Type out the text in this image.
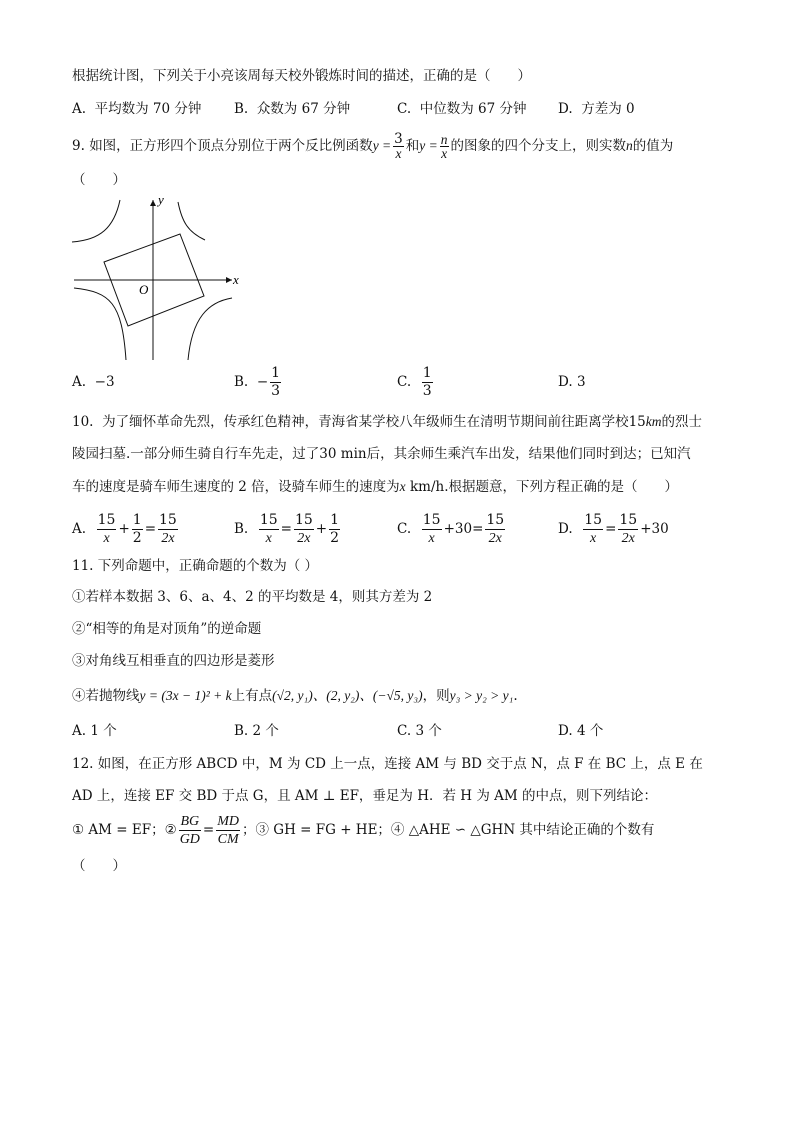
根据统计图，下列关于小亮该周每天校外锻炼时间的描述，正确的是（　　）
A. 平均数为 70 分钟 B. 众数为 67 分钟	C. 中位数为 67 分钟 D. 方差为 0
9. 如图，正方形四个顶点分别位于两个反比例函数$y = \frac{3}{x}$ 和$y = \frac{n}{x}$ 的图象的四个分支上，则实数n的值为
（　　）
y
x
O
A. −3	B. − $\frac{1}{3}$	C. $\frac{1}{3}$	D. 3
10. 为了缅怀革命先烈，传承红色精神，青海省某学校八年级师生在清明节期间前往距离学校15km的烈士
陵园扫墓.一部分师生骑自行车先走，过了30 min后，其余师生乘汽车出发，结果他们同时到达；已知汽
车的速度是骑车师生速度的 2 倍，设骑车师生的速度为x km/h.根据题意，下列方程正确的是（　　）
A. $\frac{15}{x} + \frac{1}{2} = \frac{15}{2x}$	B. $\frac{15}{x} = \frac{15}{2x} + \frac{1}{2}$	C. $\frac{15}{x} +30= \frac{15}{2x}$	D. $\frac{15}{x} = \frac{15}{2x} +30$
11. 下列命题中，正确命题的个数为（ ）
①若样本数据 3、6、a、4、2 的平均数是 4，则其方差为 2
②“相等的角是对顶角”的逆命题
③对角线互相垂直的四边形是菱形
④若抛物线y = (3x − 1)² + k上有点(√2, y₁)、(2, y₂)、(−√5, y₃)，则y₃ > y₂ > y₁.
A. 1 个	B. 2 个	C. 3 个	D. 4 个
12. 如图，在正方形 ABCD 中，M 为 CD 上一点，连接 AM 与 BD 交于点 N，点 F 在 BC 上，点 E 在
AD 上，连接 EF 交 BD 于点 G，且 AM ⊥ EF，垂足为 H．若 H 为 AM 的中点，则下列结论：
① AM = EF；② $\frac{BG}{GD} = \frac{MD}{CM}$ ；③ GH = FG + HE；④ △AHE ∽ △GHN 其中结论正确的个数有
（　　）
